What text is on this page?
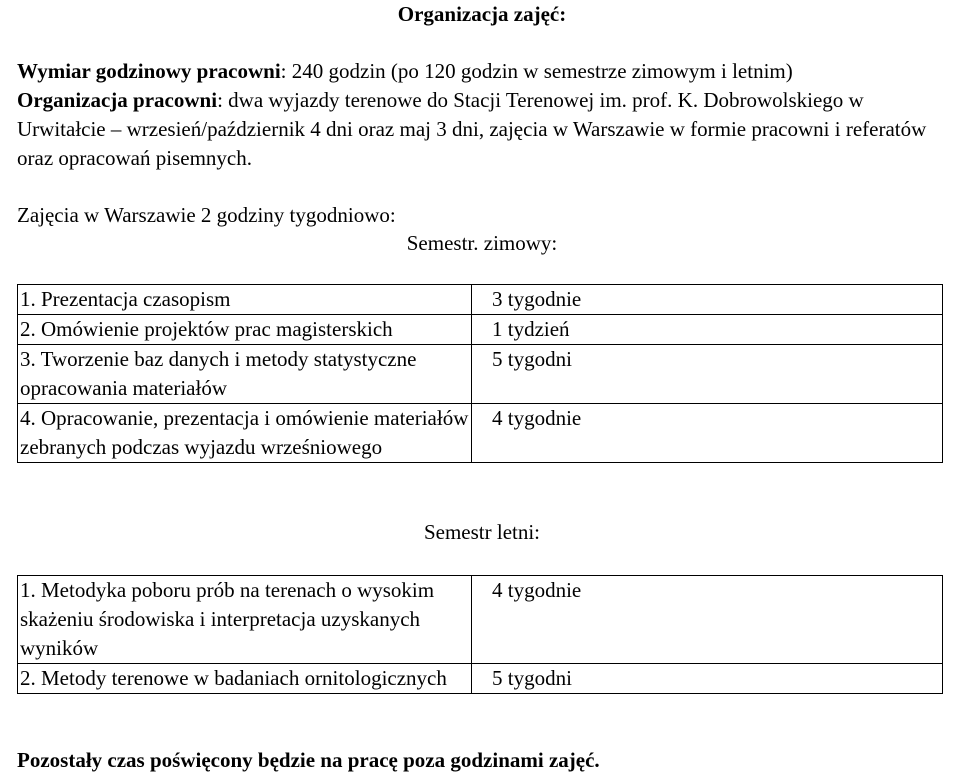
Organizacja zajęć:
Wymiar godzinowy pracowni: 240 godzin (po 120 godzin w semestrze zimowym i letnim)
Organizacja pracowni: dwa wyjazdy terenowe do Stacji Terenowej im. prof. K. Dobrowolskiego w Urwitałcie – wrzesień/październik 4 dni oraz maj 3 dni, zajęcia w Warszawie w formie pracowni i referatów oraz opracowań pisemnych.
Zajęcia w Warszawie 2 godziny tygodniowo:
Semestr. zimowy:
1. Prezentacja czasopism	3 tygodnie
2. Omówienie projektów prac magisterskich	1 tydzień
3. Tworzenie baz danych i metody statystyczne opracowania materiałów	5 tygodni
4. Opracowanie, prezentacja i omówienie materiałów zebranych podczas wyjazdu wrześniowego	4 tygodnie
Semestr letni:
1. Metodyka poboru prób na terenach o wysokim skażeniu środowiska i interpretacja uzyskanych wyników	4 tygodnie
2. Metody terenowe w badaniach ornitologicznych	5 tygodni
Pozostały czas poświęcony będzie na pracę poza godzinami zajęć.
